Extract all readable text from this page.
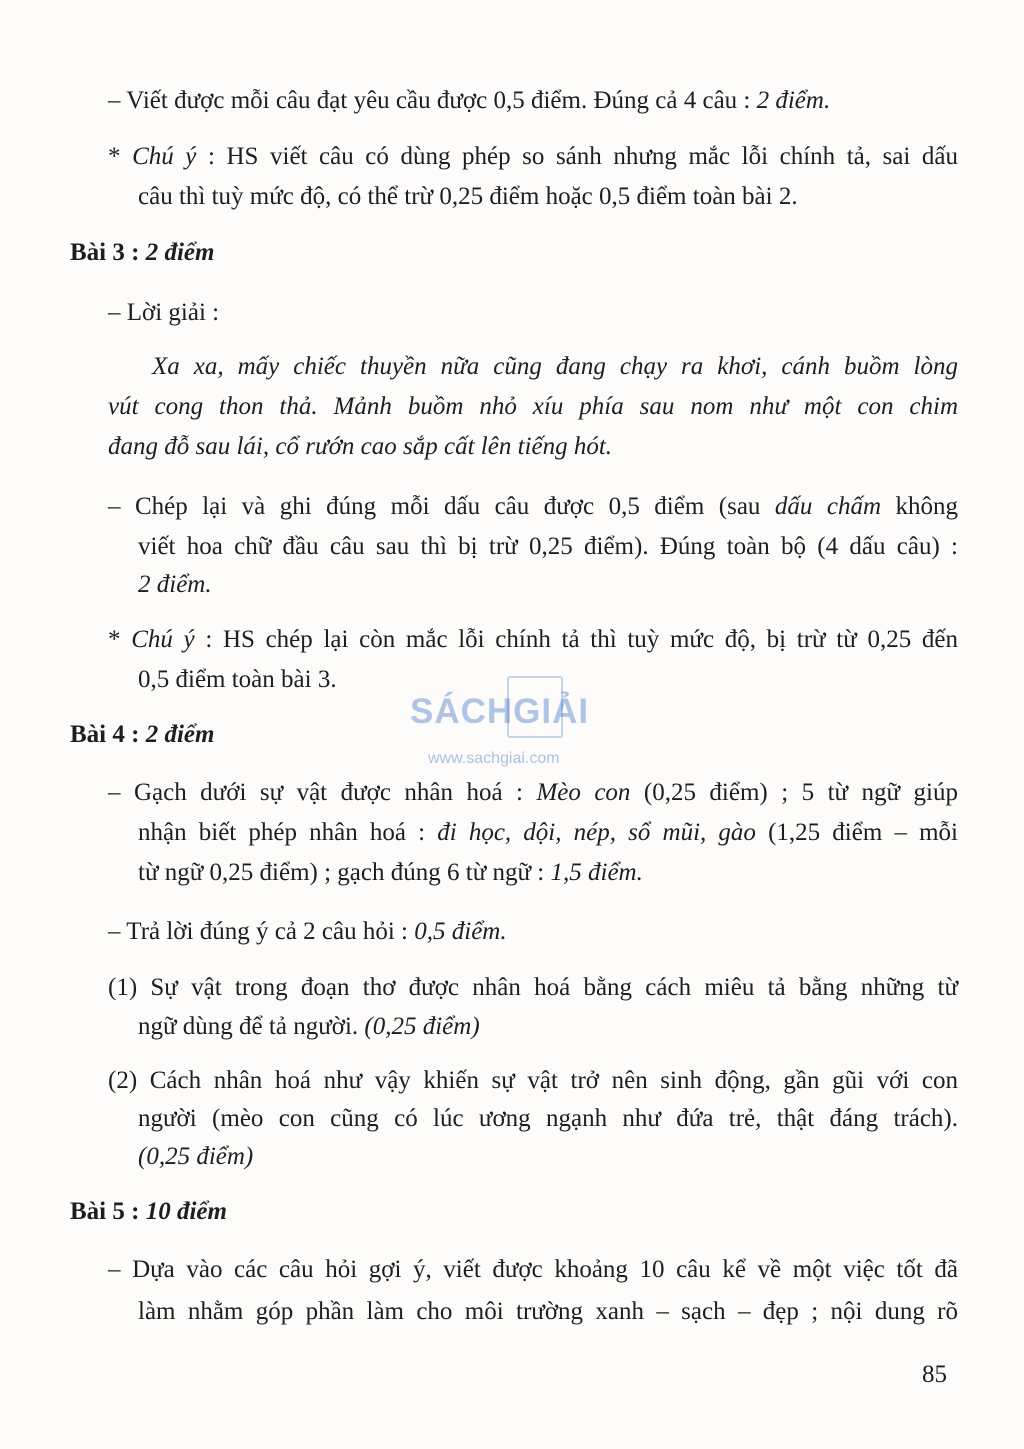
– Viết được mỗi câu đạt yêu cầu được 0,5 điểm. Đúng cả 4 câu : 2 điểm.
* Chú ý : HS viết câu có dùng phép so sánh nhưng mắc lỗi chính tả, sai dấu
câu thì tuỳ mức độ, có thể trừ 0,25 điểm hoặc 0,5 điểm toàn bài 2.
Bài 3 : 2 điểm
– Lời giải :
Xa xa, mấy chiếc thuyền nữa cũng đang chạy ra khơi, cánh buồm lòng
vút cong thon thả. Mảnh buồm nhỏ xíu phía sau nom như một con chim
đang đỗ sau lái, cổ rướn cao sắp cất lên tiếng hót.
– Chép lại và ghi đúng mỗi dấu câu được 0,5 điểm (sau dấu chấm không
viết hoa chữ đầu câu sau thì bị trừ 0,25 điểm). Đúng toàn bộ (4 dấu câu) :
2 điểm.
* Chú ý : HS chép lại còn mắc lỗi chính tả thì tuỳ mức độ, bị trừ từ 0,25 đến
0,5 điểm toàn bài 3.
SÁCHGIẢI
www.sachgiai.com
Bài 4 : 2 điểm
– Gạch dưới sự vật được nhân hoá : Mèo con (0,25 điểm) ; 5 từ ngữ giúp
nhận biết phép nhân hoá : đi học, dội, nép, sổ mũi, gào (1,25 điểm – mỗi
từ ngữ 0,25 điểm) ; gạch đúng 6 từ ngữ : 1,5 điểm.
– Trả lời đúng ý cả 2 câu hỏi : 0,5 điểm.
(1) Sự vật trong đoạn thơ được nhân hoá bằng cách miêu tả bằng những từ
ngữ dùng để tả người. (0,25 điểm)
(2) Cách nhân hoá như vậy khiến sự vật trở nên sinh động, gần gũi với con
người (mèo con cũng có lúc ương ngạnh như đứa trẻ, thật đáng trách).
(0,25 điểm)
Bài 5 : 10 điểm
– Dựa vào các câu hỏi gợi ý, viết được khoảng 10 câu kể về một việc tốt đã
làm nhằm góp phần làm cho môi trường xanh – sạch – đẹp ; nội dung rõ
85
